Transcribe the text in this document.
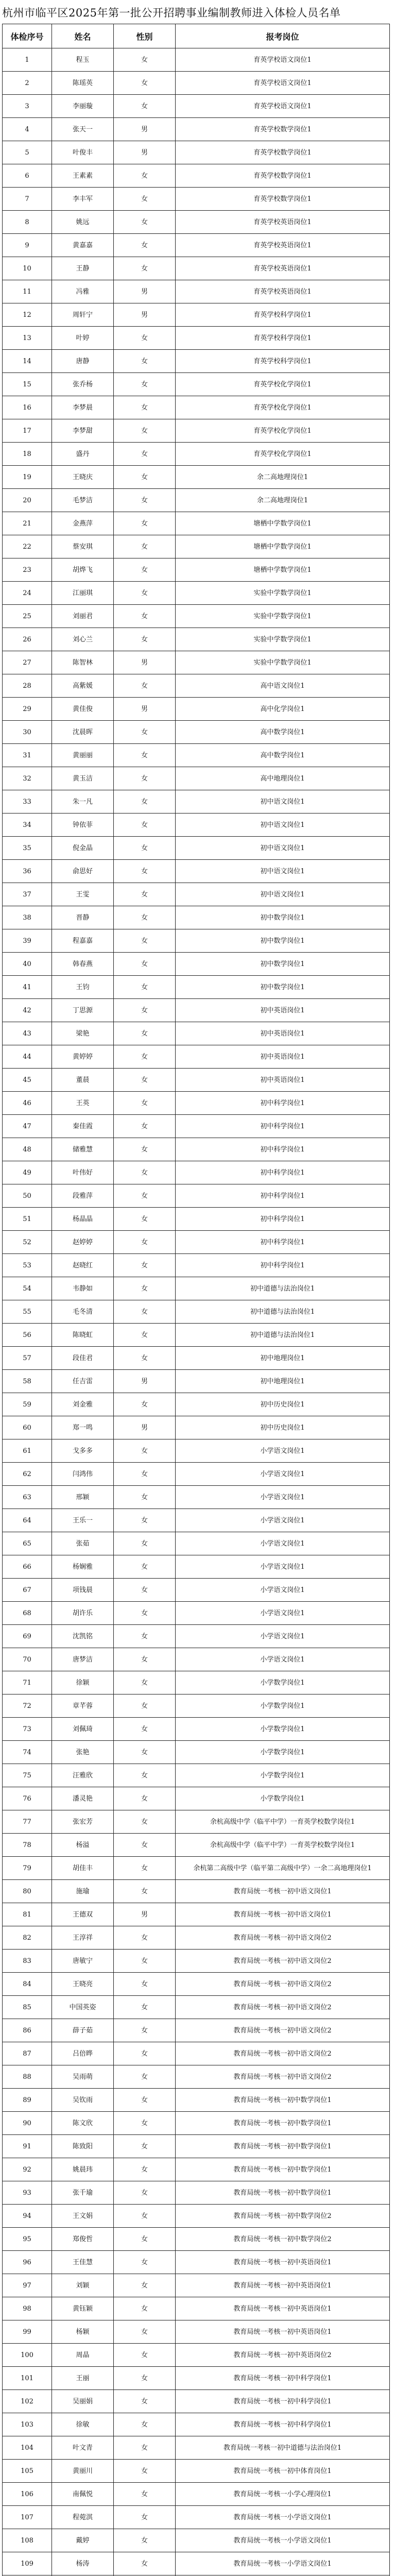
杭州市临平区2025年第一批公开招聘事业编制教师进入体检人员名单
体检序号	姓名	性别	报考岗位
1	程玉	女	育英学校语文岗位1
2	陈瑶英	女	育英学校语文岗位1
3	李丽璇	女	育英学校语文岗位1
4	张天一	男	育英学校数学岗位1
5	叶俊丰	男	育英学校数学岗位1
6	王素素	女	育英学校数学岗位1
7	李丰军	女	育英学校数学岗位1
8	姚远	女	育英学校英语岗位1
9	黄嘉嘉	女	育英学校英语岗位1
10	王静	女	育英学校英语岗位1
11	冯雅	男	育英学校英语岗位1
12	周轩宁	男	育英学校科学岗位1
13	叶婷	女	育英学校科学岗位1
14	唐静	女	育英学校科学岗位1
15	张乔杨	女	育英学校化学岗位1
16	李梦晨	女	育英学校化学岗位1
17	李梦甜	女	育英学校化学岗位1
18	盛丹	女	育英学校化学岗位1
19	王晓庆	女	余二高地理岗位1
20	毛梦洁	女	余二高地理岗位1
21	金燕萍	女	塘栖中学数学岗位1
22	蔡安琪	女	塘栖中学数学岗位1
23	胡烨飞	女	塘栖中学数学岗位1
24	江丽琪	女	实验中学数学岗位1
25	刘丽君	女	实验中学数学岗位1
26	刘心兰	女	实验中学数学岗位1
27	陈智林	男	实验中学数学岗位1
28	高紫媛	女	高中语文岗位1
29	黄佳俊	男	高中化学岗位1
30	沈晨晖	女	高中数学岗位1
31	黄丽丽	女	高中数学岗位1
32	黄玉洁	女	高中地理岗位1
33	朱一凡	女	初中语文岗位1
34	钟依菲	女	初中语文岗位1
35	倪金晶	女	初中语文岗位1
36	俞思好	女	初中语文岗位1
37	王雯	女	初中语文岗位1
38	晋静	女	初中数学岗位1
39	程嘉嘉	女	初中数学岗位1
40	韩春燕	女	初中数学岗位1
41	王钧	女	初中数学岗位1
42	丁思源	女	初中英语岗位1
43	梁艳	女	初中英语岗位1
44	黄婷婷	女	初中英语岗位1
45	董晨	女	初中英语岗位1
46	王英	女	初中科学岗位1
47	秦佳霞	女	初中科学岗位1
48	储雅慧	女	初中科学岗位1
49	叶伟好	女	初中科学岗位1
50	段雅萍	女	初中科学岗位1
51	杨晶晶	女	初中科学岗位1
52	赵婷婷	女	初中科学岗位1
53	赵晓红	女	初中科学岗位1
54	韦静如	女	初中道德与法治岗位1
55	毛冬清	女	初中道德与法治岗位1
56	陈晓虹	女	初中道德与法治岗位1
57	段佳君	女	初中地理岗位1
58	任吉雷	男	初中地理岗位1
59	刘金雅	女	初中历史岗位1
60	郑一鸣	男	初中历史岗位1
61	戈多多	女	小学语文岗位1
62	闫鸿伟	女	小学语文岗位1
63	邢颖	女	小学语文岗位1
64	王乐一	女	小学语文岗位1
65	张茹	女	小学语文岗位1
66	杨娴雅	女	小学语文岗位1
67	项钱晨	女	小学语文岗位1
68	胡许乐	女	小学语文岗位1
69	沈凯铭	女	小学语文岗位1
70	唐梦洁	女	小学语文岗位1
71	徐颖	女	小学数学岗位1
72	章芊蓉	女	小学数学岗位1
73	刘佩琦	女	小学数学岗位1
74	张艳	女	小学数学岗位1
75	汪雅欣	女	小学数学岗位1
76	潘灵艳	女	小学数学岗位1
77	张宏芳	女	余杭高级中学（临平中学）一育英学校数学岗位1
78	杨溢	女	余杭高级中学（临平中学）一育英学校数学岗位1
79	胡佳丰	女	余杭第二高级中学（临平第二高级中学）一余二高地理岗位1
80	施瑜	女	教育局统一考核一初中语文岗位1
81	王德双	男	教育局统一考核一初中语文岗位1
82	王淳祥	女	教育局统一考核一初中语文岗位2
83	唐敏宁	女	教育局统一考核一初中语文岗位2
84	王晓亮	女	教育局统一考核一初中语文岗位2
85	中国英姿	女	教育局统一考核一初中语文岗位2
86	薛子茹	女	教育局统一考核一初中语文岗位2
87	吕倍晔	女	教育局统一考核一初中语文岗位2
88	吴雨萌	女	教育局统一考核一初中语文岗位2
89	吴钦雨	女	教育局统一考核一初中数学岗位1
90	陈文欣	女	教育局统一考核一初中数学岗位1
91	陈致阳	女	教育局统一考核一初中数学岗位1
92	姚晨玮	女	教育局统一考核一初中数学岗位1
93	张千瑜	女	教育局统一考核一初中数学岗位1
94	王文娟	女	教育局统一考核一初中数学岗位2
95	郑俊哲	女	教育局统一考核一初中数学岗位2
96	王佳慧	女	教育局统一考核一初中英语岗位1
97	刘颖	女	教育局统一考核一初中英语岗位1
98	黄钰颖	女	教育局统一考核一初中英语岗位1
99	杨颖	女	教育局统一考核一初中英语岗位1
100	周晶	女	教育局统一考核一初中英语岗位2
101	王丽	女	教育局统一考核一初中科学岗位1
102	吴丽娟	女	教育局统一考核一初中科学岗位1
103	徐敏	女	教育局统一考核一初中科学岗位1
104	叶文青	女	教育局统一考核一初中道德与法治岗位1
105	黄丽川	女	教育局统一考核一初中体育岗位1
106	南佩悦	女	教育局统一考核一小学心理岗位1
107	程菀淇	女	教育局统一考核一小学语文岗位1
108	戴婷	女	教育局统一考核一小学语文岗位1
109	杨涛	女	教育局统一考核一小学语文岗位1
